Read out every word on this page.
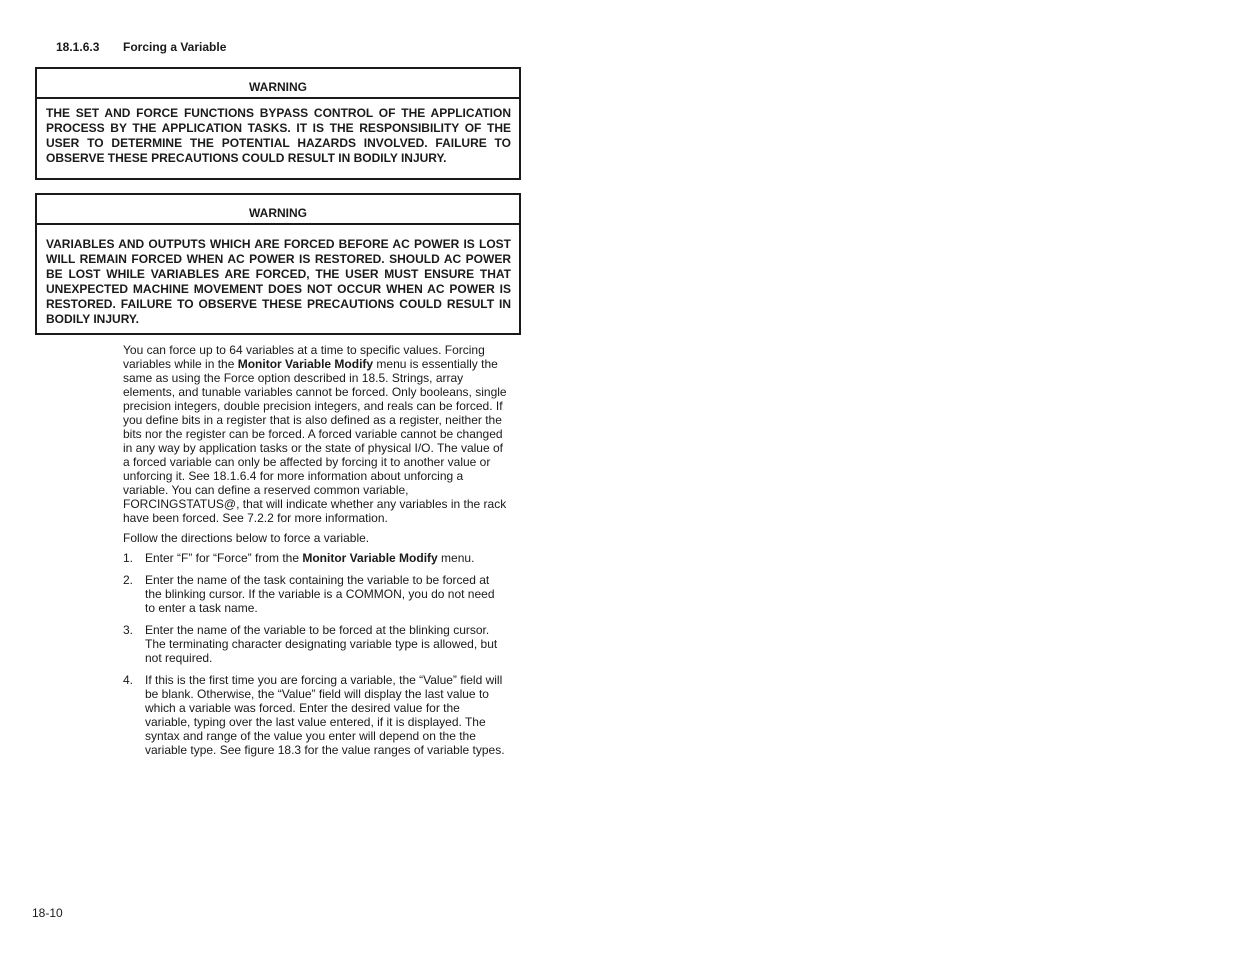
18.1.6.3 Forcing a Variable
WARNING
THE SET AND FORCE FUNCTIONS BYPASS CONTROL OF THE APPLICATION PROCESS BY THE APPLICATION TASKS. IT IS THE RESPONSIBILITY OF THE USER TO DETERMINE THE POTENTIAL HAZARDS INVOLVED. FAILURE TO OBSERVE THESE PRECAUTIONS COULD RESULT IN BODILY INJURY.
WARNING
VARIABLES AND OUTPUTS WHICH ARE FORCED BEFORE AC POWER IS LOST WILL REMAIN FORCED WHEN AC POWER IS RESTORED. SHOULD AC POWER BE LOST WHILE VARIABLES ARE FORCED, THE USER MUST ENSURE THAT UNEXPECTED MACHINE MOVEMENT DOES NOT OCCUR WHEN AC POWER IS RESTORED. FAILURE TO OBSERVE THESE PRECAUTIONS COULD RESULT IN BODILY INJURY.

You can force up to 64 variables at a time to specific values. Forcing variables while in the Monitor Variable Modify menu is essentially the same as using the Force option described in 18.5. Strings, array elements, and tunable variables cannot be forced. Only booleans, single precision integers, double precision integers, and reals can be forced. If you define bits in a register that is also defined as a register, neither the bits nor the register can be forced. A forced variable cannot be changed in any way by application tasks or the state of physical I/O. The value of a forced variable can only be affected by forcing it to another value or unforcing it. See 18.1.6.4 for more information about unforcing a variable. You can define a reserved common variable, FORCINGSTATUS@, that will indicate whether any variables in the rack have been forced. See 7.2.2 for more information.

Follow the directions below to force a variable.

1. Enter “F” for “Force” from the Monitor Variable Modify menu.
2. Enter the name of the task containing the variable to be forced at the blinking cursor. If the variable is a COMMON, you do not need to enter a task name.
3. Enter the name of the variable to be forced at the blinking cursor. The terminating character designating variable type is allowed, but not required.
4. If this is the first time you are forcing a variable, the “Value” field will be blank. Otherwise, the “Value” field will display the last value to which a variable was forced. Enter the desired value for the variable, typing over the last value entered, if it is displayed. The syntax and range of the value you enter will depend on the the variable type. See figure 18.3 for the value ranges of variable types.
18-10
